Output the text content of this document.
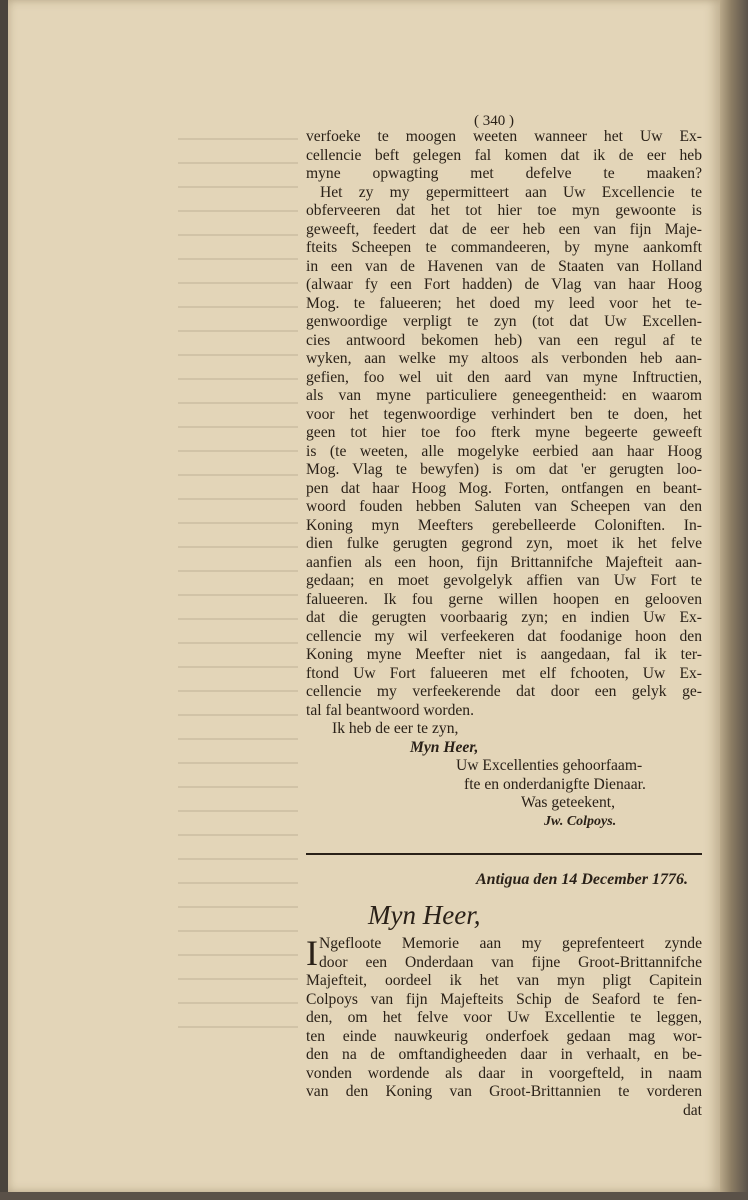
( 340 )
verfoeke te moogen weeten wanneer het Uw Ex-
cellencie beft gelegen fal komen dat ik de eer heb
myne opwagting met defelve te maaken?
Het zy my gepermitteert aan Uw Excellencie te
obferveeren dat het tot hier toe myn gewoonte is
geweeft, feedert dat de eer heb een van fijn Maje-
fteits Scheepen te commandeeren, by myne aankomft
in een van de Havenen van de Staaten van Holland
(alwaar fy een Fort hadden) de Vlag van haar Hoog
Mog. te falueeren; het doed my leed voor het te-
genwoordige verpligt te zyn (tot dat Uw Excellen-
cies antwoord bekomen heb) van een regul af te
wyken, aan welke my altoos als verbonden heb aan-
gefien, foo wel uit den aard van myne Inftructien,
als van myne particuliere geneegentheid: en waarom
voor het tegenwoordige verhindert ben te doen, het
geen tot hier toe foo fterk myne begeerte geweeft
is (te weeten, alle mogelyke eerbied aan haar Hoog
Mog. Vlag te bewyfen) is om dat 'er gerugten loo-
pen dat haar Hoog Mog. Forten, ontfangen en beant-
woord fouden hebben Saluten van Scheepen van den
Koning myn Meefters gerebelleerde Coloniften. In-
dien fulke gerugten gegrond zyn, moet ik het felve
aanfien als een hoon, fijn Brittannifche Majefteit aan-
gedaan; en moet gevolgelyk affien van Uw Fort te
falueeren. Ik fou gerne willen hoopen en gelooven
dat die gerugten voorbaarig zyn; en indien Uw Ex-
cellencie my wil verfeekeren dat foodanige hoon den
Koning myne Meefter niet is aangedaan, fal ik ter-
ftond Uw Fort falueeren met elf fchooten, Uw Ex-
cellencie my verfeekerende dat door een gelyk ge-
tal fal beantwoord worden.
Ik heb de eer te zyn,
Myn Heer,
Uw Excellenties gehoorfaam-
fte en onderdanigfte Dienaar.
Was geteekent,
Jw. Colpoys.
Antigua den 14 December 1776.
Myn Heer,
I Ngefloote Memorie aan my geprefenteert zynde
door een Onderdaan van fijne Groot-Brittannifche
Majefteit, oordeel ik het van myn pligt Capitein
Colpoys van fijn Majefteits Schip de Seaford te fen-
den, om het felve voor Uw Excellentie te leggen,
ten einde nauwkeurig onderfoek gedaan mag wor-
den na de omftandigheeden daar in verhaalt, en be-
vonden wordende als daar in voorgefteld, in naam
van den Koning van Groot-Brittannien te vorderen
dat
